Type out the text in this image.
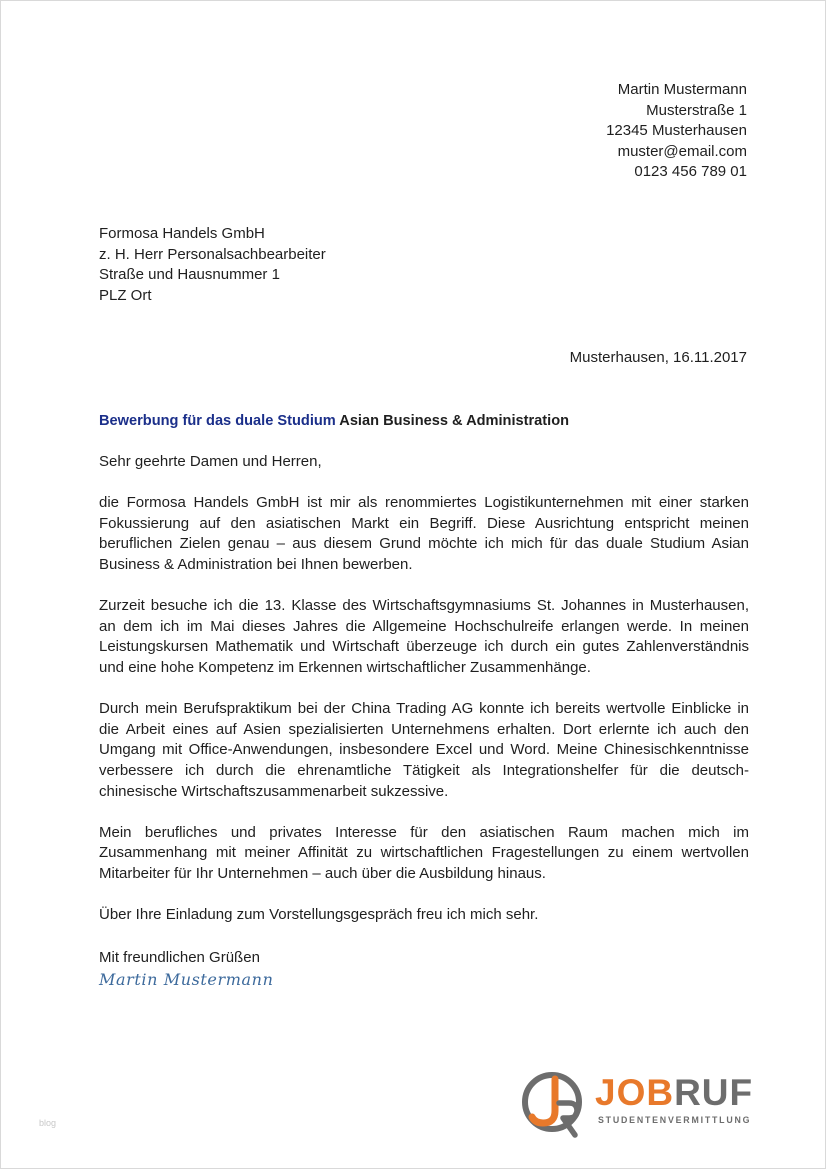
Martin Mustermann
Musterstraße 1
12345 Musterhausen
muster@email.com
0123 456 789 01
Formosa Handels GmbH
z. H. Herr Personalsachbearbeiter
Straße und Hausnummer 1
PLZ Ort
Musterhausen, 16.11.2017
Bewerbung für das duale Studium Asian Business & Administration

Sehr geehrte Damen und Herren,

die Formosa Handels GmbH ist mir als renommiertes Logistikunternehmen mit einer starken Fokussierung auf den asiatischen Markt ein Begriff. Diese Ausrichtung entspricht meinen beruflichen Zielen genau – aus diesem Grund möchte ich mich für das duale Studium Asian Business & Administration bei Ihnen bewerben.

Zurzeit besuche ich die 13. Klasse des Wirtschaftsgymnasiums St. Johannes in Musterhausen, an dem ich im Mai dieses Jahres die Allgemeine Hochschulreife erlangen werde. In meinen Leistungskursen Mathematik und Wirtschaft überzeuge ich durch ein gutes Zahlenverständnis und eine hohe Kompetenz im Erkennen wirtschaftlicher Zusammenhänge.

Durch mein Berufspraktikum bei der China Trading AG konnte ich bereits wertvolle Einblicke in die Arbeit eines auf Asien spezialisierten Unternehmens erhalten. Dort erlernte ich auch den Umgang mit Office-Anwendungen, insbesondere Excel und Word. Meine Chinesischkenntnisse verbessere ich durch die ehrenamtliche Tätigkeit als Integrationshelfer für die deutsch-chinesische Wirtschaftszusammenarbeit sukzessive.

Mein berufliches und privates Interesse für den asiatischen Raum machen mich im Zusammenhang mit meiner Affinität zu wirtschaftlichen Fragestellungen zu einem wertvollen Mitarbeiter für Ihr Unternehmen – auch über die Ausbildung hinaus.

Über Ihre Einladung zum Vorstellungsgespräch freu ich mich sehr.

Mit freundlichen Grüßen
Martin Mustermann
blog
JOBRUF
STUDENTENVERMITTLUNG
